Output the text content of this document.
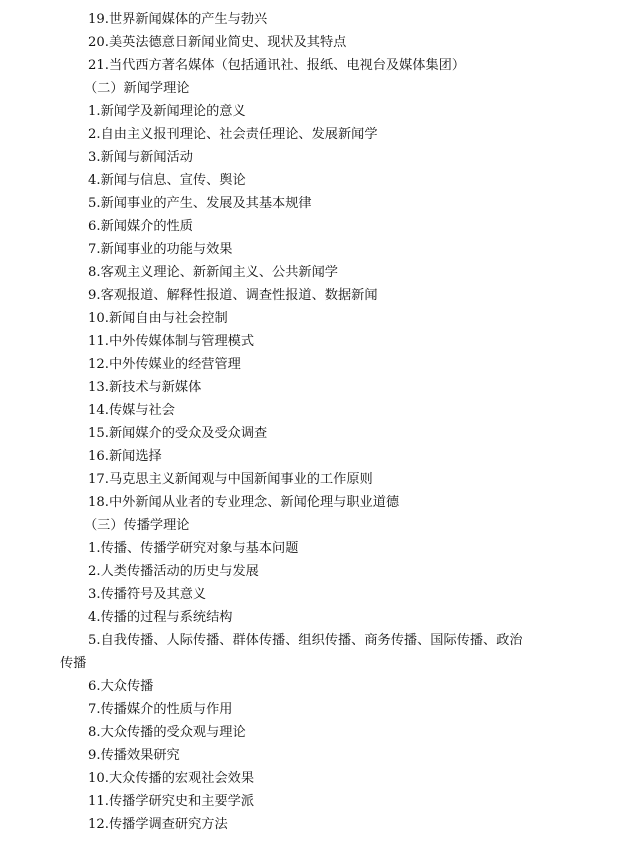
19.世界新闻媒体的产生与勃兴
20.美英法德意日新闻业简史、现状及其特点
21.当代西方著名媒体（包括通讯社、报纸、电视台及媒体集团）
（二）新闻学理论
1.新闻学及新闻理论的意义
2.自由主义报刊理论、社会责任理论、发展新闻学
3.新闻与新闻活动
4.新闻与信息、宣传、舆论
5.新闻事业的产生、发展及其基本规律
6.新闻媒介的性质
7.新闻事业的功能与效果
8.客观主义理论、新新闻主义、公共新闻学
9.客观报道、解释性报道、调查性报道、数据新闻
10.新闻自由与社会控制
11.中外传媒体制与管理模式
12.中外传媒业的经营管理
13.新技术与新媒体
14.传媒与社会
15.新闻媒介的受众及受众调查
16.新闻选择
17.马克思主义新闻观与中国新闻事业的工作原则
18.中外新闻从业者的专业理念、新闻伦理与职业道德
（三）传播学理论
1.传播、传播学研究对象与基本问题
2.人类传播活动的历史与发展
3.传播符号及其意义
4.传播的过程与系统结构
5.自我传播、人际传播、群体传播、组织传播、商务传播、国际传播、政治
传播
6.大众传播
7.传播媒介的性质与作用
8.大众传播的受众观与理论
9.传播效果研究
10.大众传播的宏观社会效果
11.传播学研究史和主要学派
12.传播学调查研究方法
